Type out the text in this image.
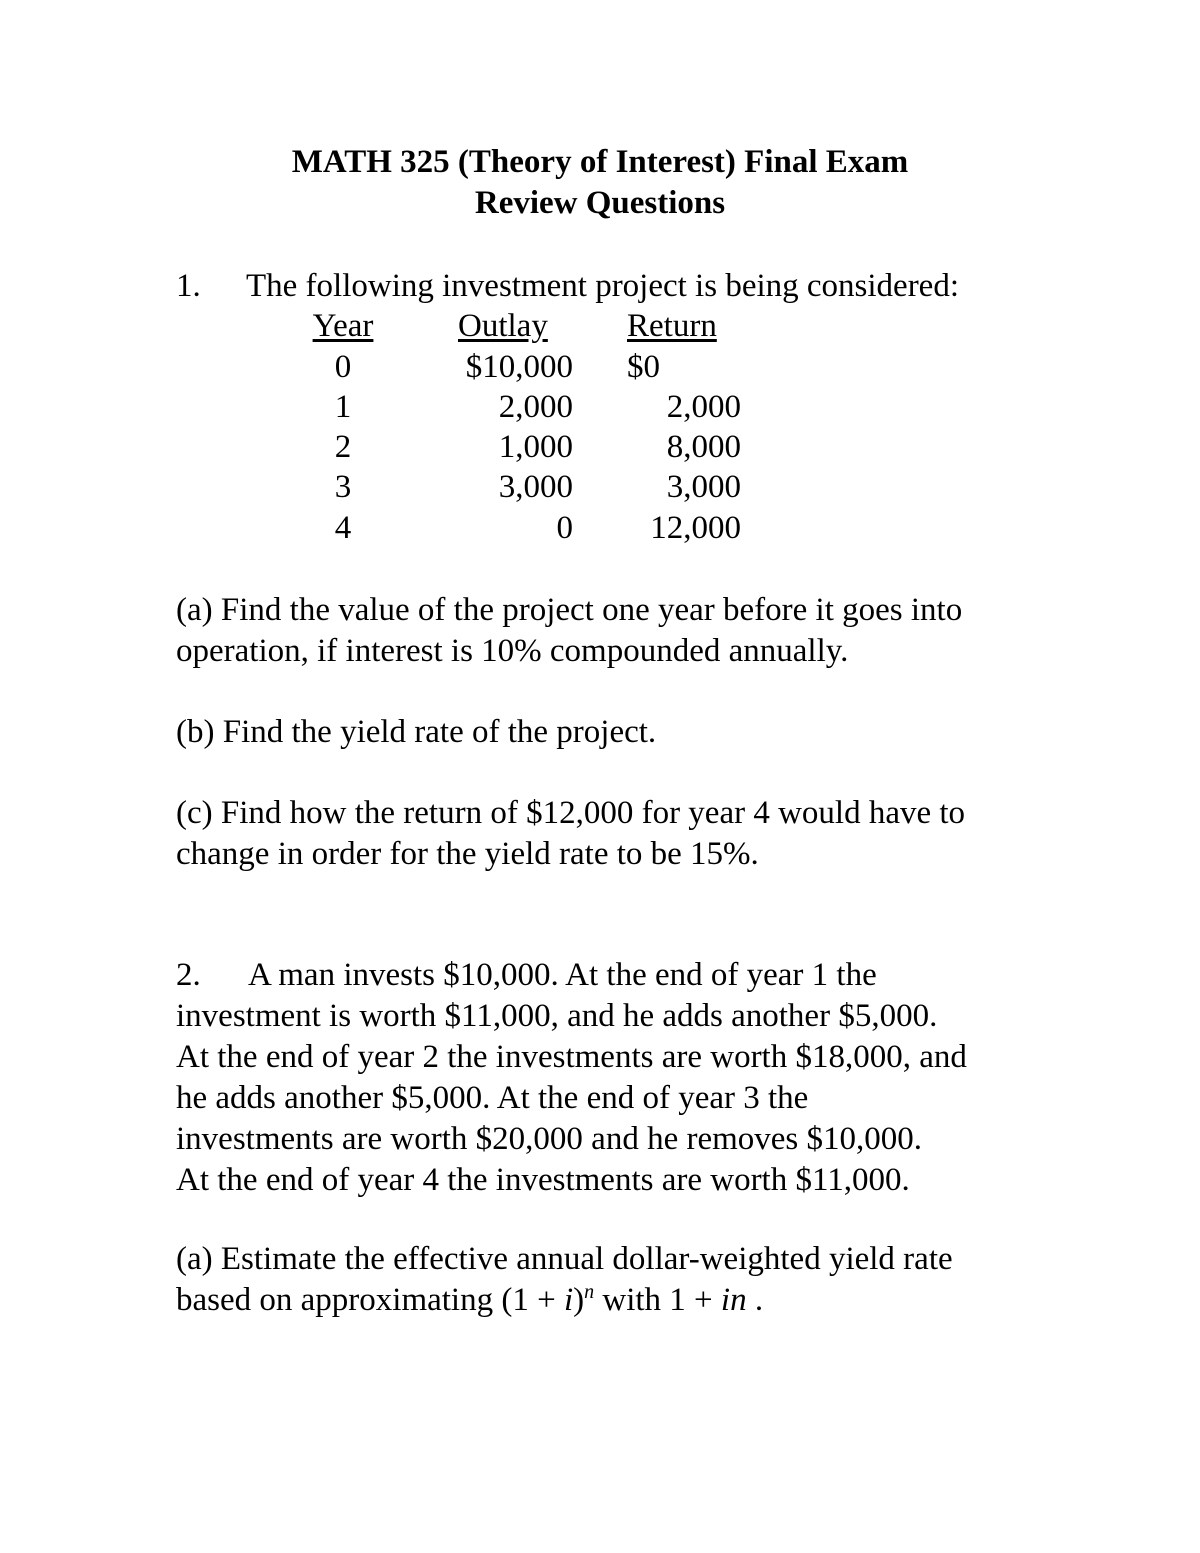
MATH 325 (Theory of Interest) Final Exam
Review Questions
1. The following investment project is being considered:
Year	Outlay Return
0	$10,000 $0
1	2,000	2,000
2	1,000	8,000
3	3,000	3,000
4	0	12,000
(a) Find the value of the project one year before it goes into
operation, if interest is 10% compounded annually.
(b) Find the yield rate of the project.
(c) Find how the return of $12,000 for year 4 would have to
change in order for the yield rate to be 15%.
2. A man invests $10,000. At the end of year 1 the
investment is worth $11,000, and he adds another $5,000.
At the end of year 2 the investments are worth $18,000, and
he adds another $5,000. At the end of year 3 the
investments are worth $20,000 and he removes $10,000.
At the end of year 4 the investments are worth $11,000.
(a) Estimate the effective annual dollar-weighted yield rate
based on approximating $(1 + i)^n$ with 1 + in .
